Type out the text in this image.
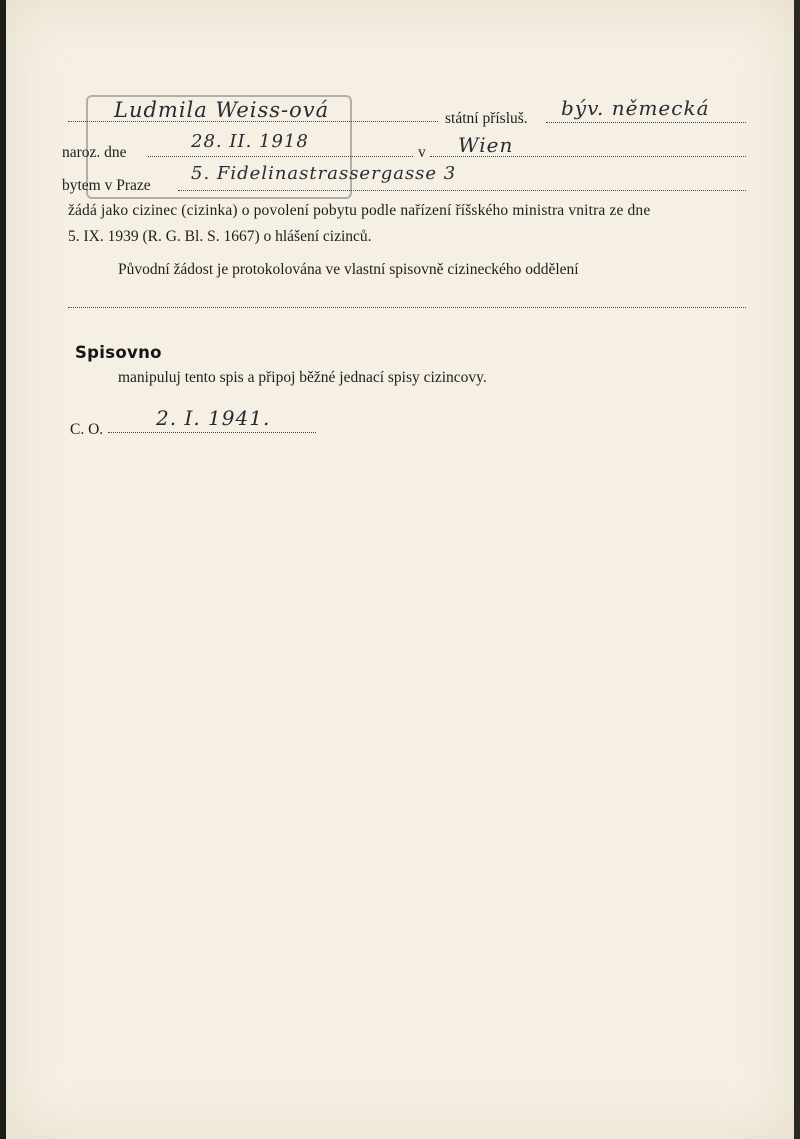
Ludmila Weiss-ová	státní přísluš. býv. německá
naroz. dne
28. II. 1918
v Wien
bytem v Praze
5. Fidelinastrassergasse 3
žádá jako cizinec (cizinka) o povolení pobytu podle nařízení říšského ministra vnitra ze dne
5. IX. 1939 (R. G. Bl. S. 1667) o hlášení cizinců.
Původní žádost je protokolována ve vlastní spisovně cizineckého oddělení
Spisovno
manipuluj tento spis a připoj běžné jednací spisy cizincovy.
C. O.	2. I. 1941.
